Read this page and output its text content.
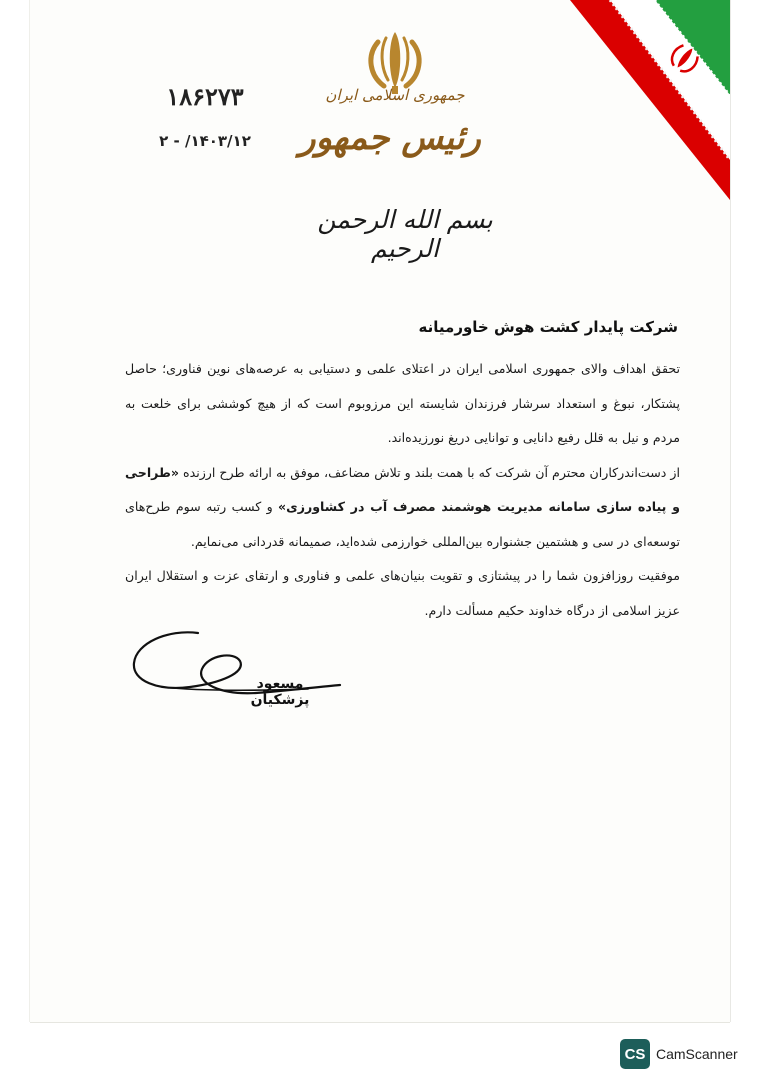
جمهوری اسلامی ایران
رئیس جمهور
۱۸۶۲۷۳
۱۴۰۳/۱۲/ - ۲
بسم الله الرحمن الرحیم
شرکت پایدار کشت هوش خاورمیانه

تحقق اهداف والای جمهوری اسلامی ایران در اعتلای علمی و دستیابی به عرصه‌های نوین فناوری؛ حاصل پشتکار، نبوغ و استعداد سرشار فرزندان شایسته این مرزوبوم است که از هیچ کوششی برای خلعت به مردم و نیل به قلل رفیع دانایی و توانایی دریغ نورزیده‌اند.

از دست‌اندرکاران محترم آن شرکت که با همت بلند و تلاش مضاعف، موفق به ارائه طرح ارزنده «طراحی و پیاده سازی سامانه مدیریت هوشمند مصرف آب در کشاورزی» و کسب رتبه سوم طرح‌های توسعه‌ای در سی و هشتمین جشنواره بین‌المللی خوارزمی شده‌اید، صمیمانه قدردانی می‌نمایم.

موفقیت روزافزون شما را در پیشتازی و تقویت بنیان‌های علمی و فناوری و ارتقای عزت و استقلال ایران عزیز اسلامی از درگاه خداوند حکیم مسألت دارم.

مسعود پزشکیان
CS CamScanner
